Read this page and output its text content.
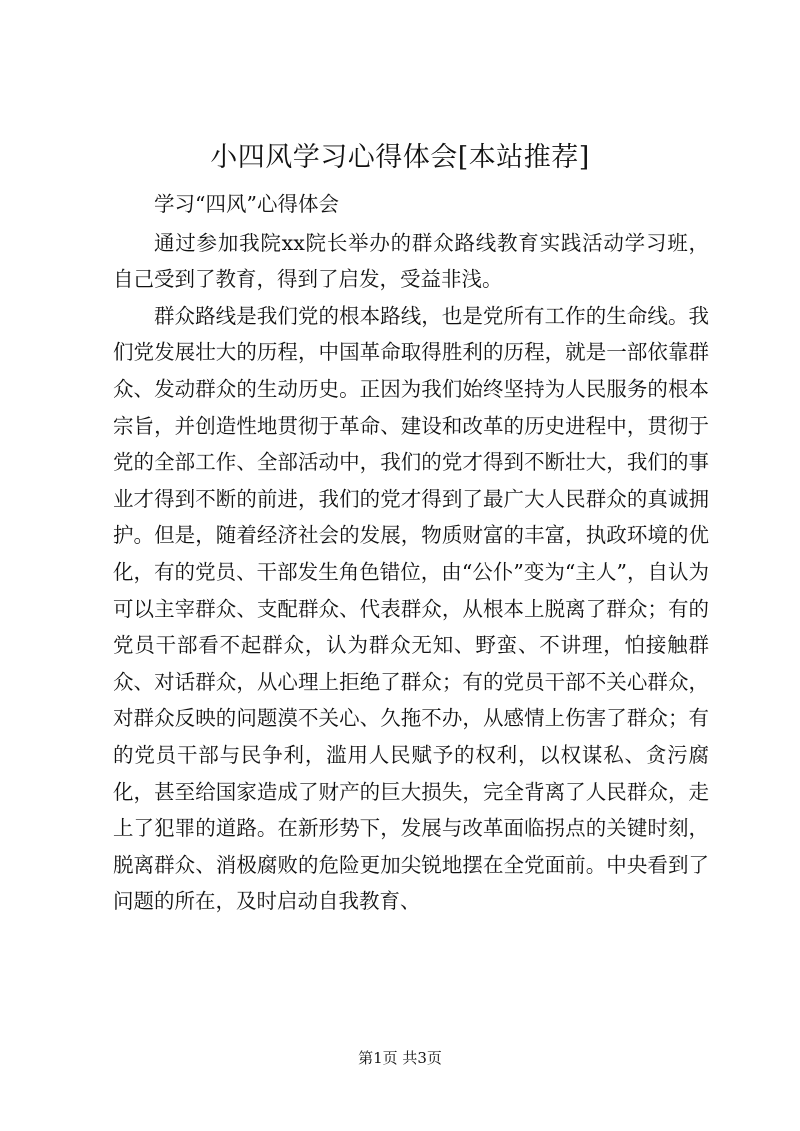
小四风学习心得体会[本站推荐]

学习“四风”心得体会

通过参加我院xx院长举办的群众路线教育实践活动学习班，自己受到了教育，得到了启发，受益非浅。

群众路线是我们党的根本路线，也是党所有工作的生命线。我们党发展壮大的历程，中国革命取得胜利的历程，就是一部依靠群众、发动群众的生动历史。正因为我们始终坚持为人民服务的根本宗旨，并创造性地贯彻于革命、建设和改革的历史进程中，贯彻于党的全部工作、全部活动中，我们的党才得到不断壮大，我们的事业才得到不断的前进，我们的党才得到了最广大人民群众的真诚拥护。但是，随着经济社会的发展，物质财富的丰富，执政环境的优化，有的党员、干部发生角色错位，由“公仆”变为“主人”，自认为可以主宰群众、支配群众、代表群众，从根本上脱离了群众；有的党员干部看不起群众，认为群众无知、野蛮、不讲理，怕接触群众、对话群众，从心理上拒绝了群众；有的党员干部不关心群众，对群众反映的问题漠不关心、久拖不办，从感情上伤害了群众；有的党员干部与民争利，滥用人民赋予的权利，以权谋私、贪污腐化，甚至给国家造成了财产的巨大损失，完全背离了人民群众，走上了犯罪的道路。在新形势下，发展与改革面临拐点的关键时刻，脱离群众、消极腐败的危险更加尖锐地摆在全党面前。中央看到了问题的所在，及时启动自我教育、

第1页 共3页
